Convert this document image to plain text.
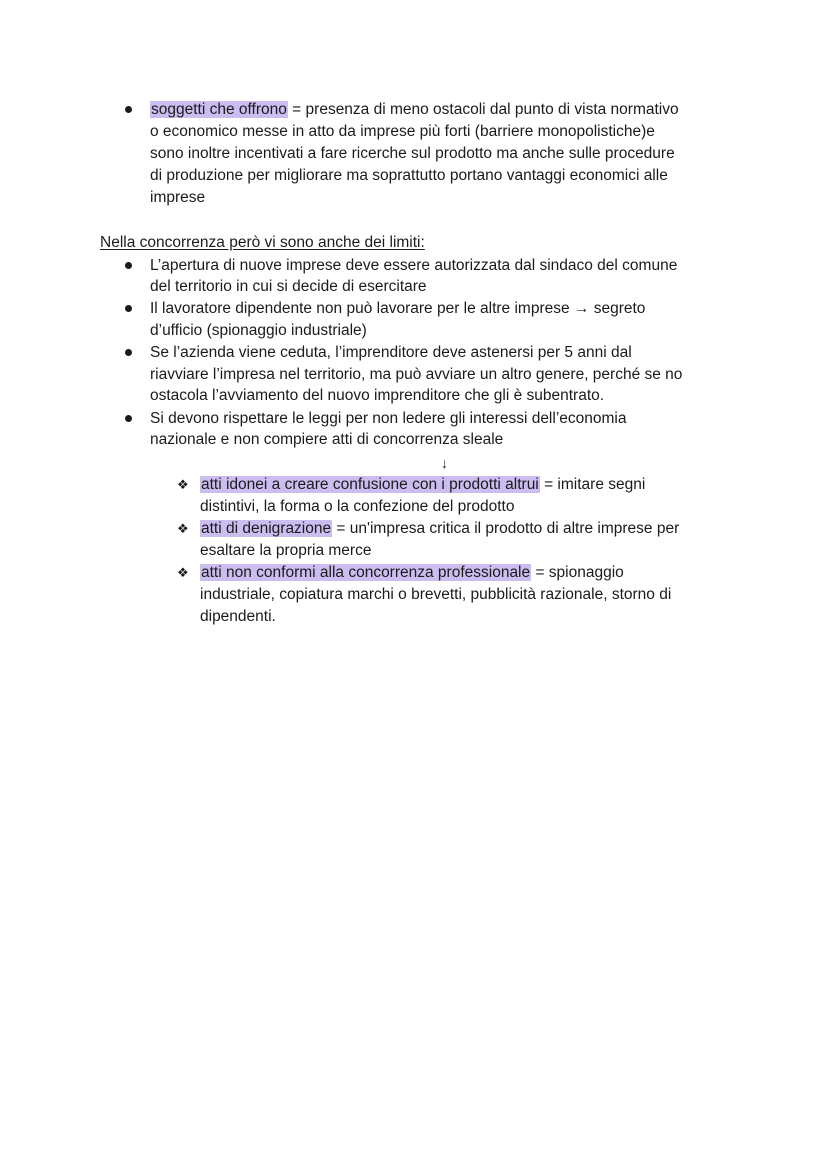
soggetti che offrono = presenza di meno ostacoli dal punto di vista normativo
o economico messe in atto da imprese più forti (barriere monopolistiche)e
sono inoltre incentivati a fare ricerche sul prodotto ma anche sulle procedure
di produzione per migliorare ma soprattutto portano vantaggi economici alle
imprese
Nella concorrenza però vi sono anche dei limiti:
L’apertura di nuove imprese deve essere autorizzata dal sindaco del comune
del territorio in cui si decide di esercitare
Il lavoratore dipendente non può lavorare per le altre imprese → segreto
d’ufficio (spionaggio industriale)
Se l’azienda viene ceduta, l’imprenditore deve astenersi per 5 anni dal
riavviare l’impresa nel territorio, ma può avviare un altro genere, perché se no
ostacola l’avviamento del nuovo imprenditore che gli è subentrato.
Si devono rispettare le leggi per non ledere gli interessi dell’economia
nazionale e non compiere atti di concorrenza sleale
↓
❖ atti idonei a creare confusione con i prodotti altrui = imitare segni
distintivi, la forma o la confezione del prodotto
❖ atti di denigrazione = un'impresa critica il prodotto di altre imprese per
esaltare la propria merce
❖ atti non conformi alla concorrenza professionale = spionaggio
industriale, copiatura marchi o brevetti, pubblicità razionale, storno di
dipendenti.
